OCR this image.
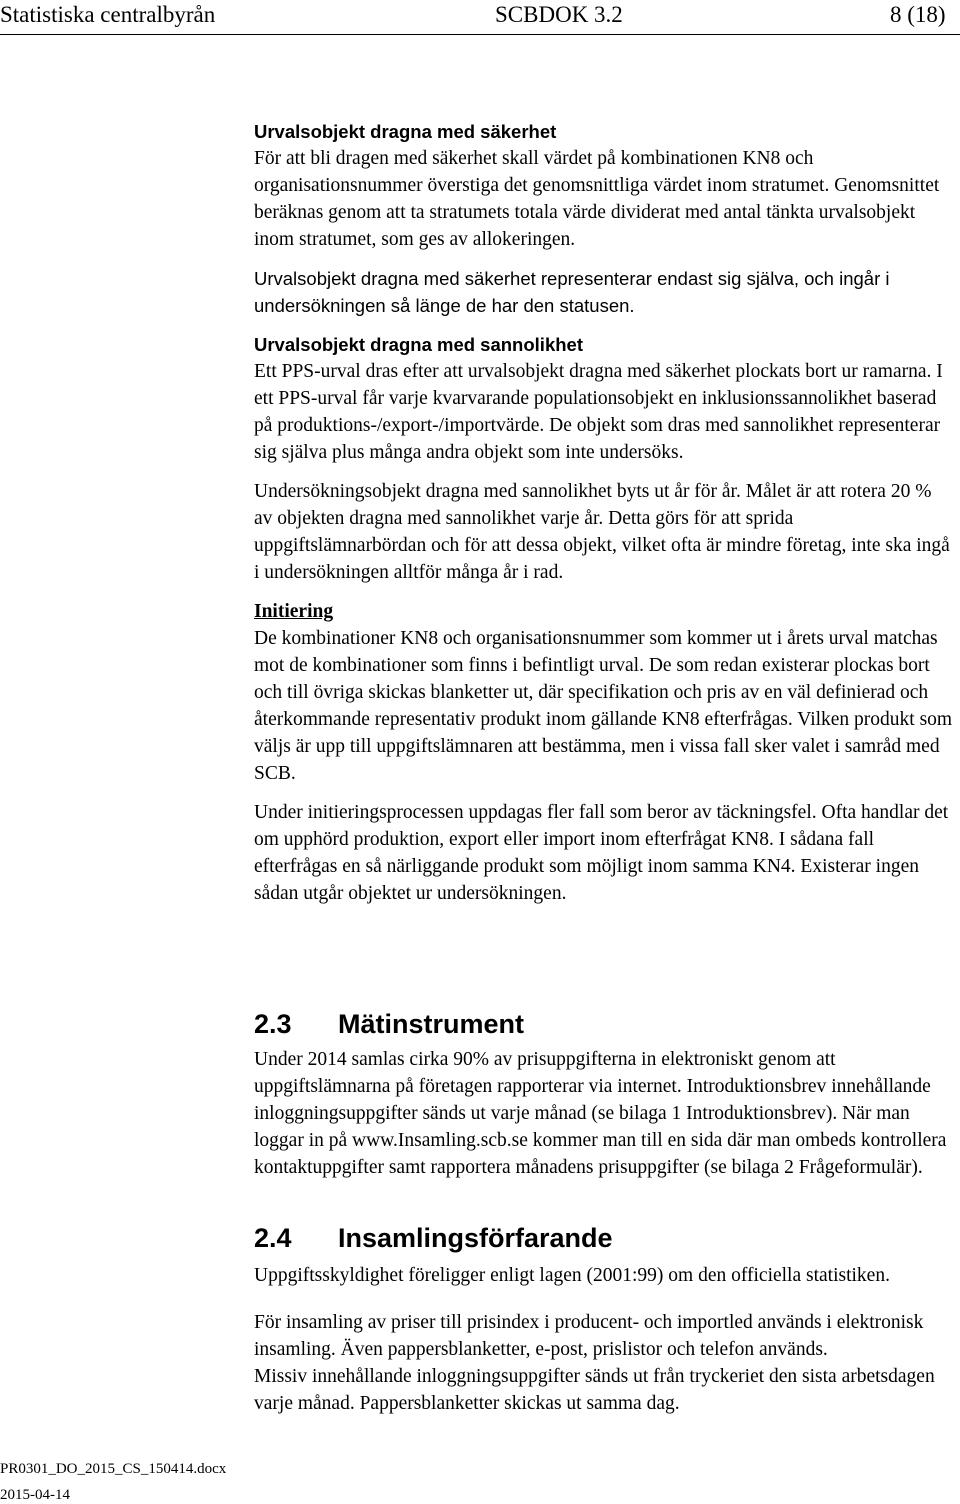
Statistiska centralbyrån	SCBDOK 3.2	8 (18)

Urvalsobjekt dragna med säkerhet

För att bli dragen med säkerhet skall värdet på kombinationen KN8 och organisationsnummer överstiga det genomsnittliga värdet inom stratumet. Genomsnittet beräknas genom att ta stratumets totala värde dividerat med antal tänkta urvalsobjekt inom stratumet, som ges av allokeringen.

Urvalsobjekt dragna med säkerhet representerar endast sig själva, och ingår i undersökningen så länge de har den statusen.

Urvalsobjekt dragna med sannolikhet

Ett PPS-urval dras efter att urvalsobjekt dragna med säkerhet plockats bort ur ramarna. I ett PPS-urval får varje kvarvarande populationsobjekt en inklusionssannolikhet baserad på produktions-/export-/importvärde. De objekt som dras med sannolikhet representerar sig själva plus många andra objekt som inte undersöks.

Undersökningsobjekt dragna med sannolikhet byts ut år för år. Målet är att rotera 20 % av objekten dragna med sannolikhet varje år. Detta görs för att sprida uppgiftslämnarbördan och för att dessa objekt, vilket ofta är mindre företag, inte ska ingå i undersökningen alltför många år i rad.

Initiering

De kombinationer KN8 och organisationsnummer som kommer ut i årets urval matchas mot de kombinationer som finns i befintligt urval. De som redan existerar plockas bort och till övriga skickas blanketter ut, där specifikation och pris av en väl definierad och återkommande representativ produkt inom gällande KN8 efterfrågas. Vilken produkt som väljs är upp till uppgiftslämnaren att bestämma, men i vissa fall sker valet i samråd med SCB.

Under initieringsprocessen uppdagas fler fall som beror av täckningsfel. Ofta handlar det om upphörd produktion, export eller import inom efterfrågat KN8. I sådana fall efterfrågas en så närliggande produkt som möjligt inom samma KN4. Existerar ingen sådan utgår objektet ur undersökningen.

2.3 Mätinstrument

Under 2014 samlas cirka 90% av prisuppgifterna in elektroniskt genom att uppgiftslämnarna på företagen rapporterar via internet. Introduktionsbrev innehållande inloggningsuppgifter sänds ut varje månad (se bilaga 1 Introduktionsbrev). När man loggar in på www.Insamling.scb.se kommer man till en sida där man ombeds kontrollera kontaktuppgifter samt rapportera månadens prisuppgifter (se bilaga 2 Frågeformulär).

2.4 Insamlingsförfarande

Uppgiftsskyldighet föreligger enligt lagen (2001:99) om den officiella statistiken.

För insamling av priser till prisindex i producent- och importled används i elektronisk insamling. Även pappersblanketter, e-post, prislistor och telefon används.

Missiv innehållande inloggningsuppgifter sänds ut från tryckeriet den sista arbetsdagen varje månad. Pappersblanketter skickas ut samma dag.

PR0301_DO_2015_CS_150414.docx
2015-04-14
